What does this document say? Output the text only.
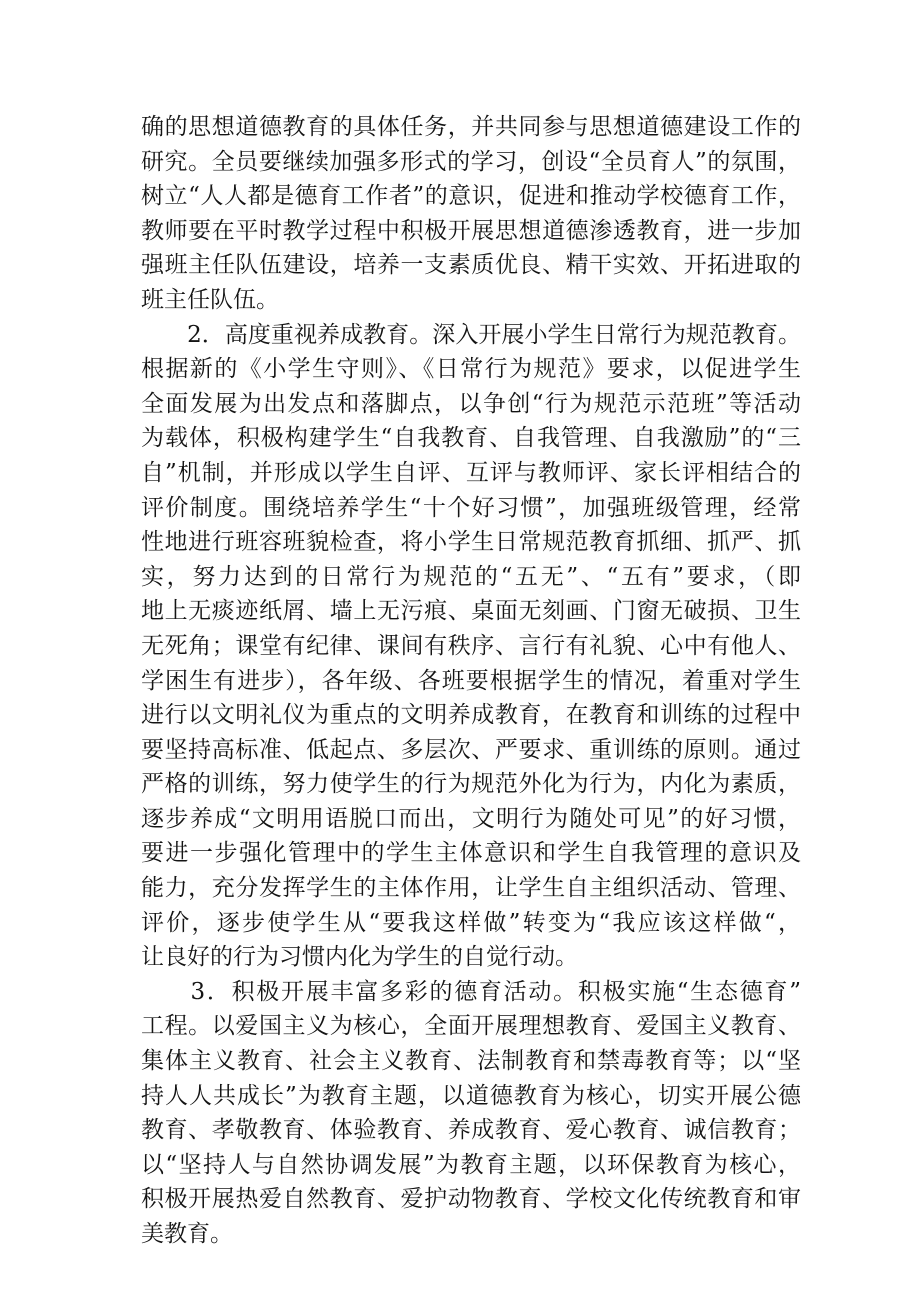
确的思想道德教育的具体任务，并共同参与思想道德建设工作的
研究。全员要继续加强多形式的学习，创设“全员育人”的氛围，
树立“人人都是德育工作者”的意识，促进和推动学校德育工作，
教师要在平时教学过程中积极开展思想道德渗透教育，进一步加
强班主任队伍建设，培养一支素质优良、精干实效、开拓进取的
班主任队伍。
　　2．高度重视养成教育。深入开展小学生日常行为规范教育。
根据新的《小学生守则》、《日常行为规范》要求，以促进学生
全面发展为出发点和落脚点，以争创“行为规范示范班”等活动
为载体，积极构建学生“自我教育、自我管理、自我激励”的“三
自”机制，并形成以学生自评、互评与教师评、家长评相结合的
评价制度。围绕培养学生“十个好习惯”，加强班级管理，经常
性地进行班容班貌检查，将小学生日常规范教育抓细、抓严、抓
实，努力达到的日常行为规范的“五无”、“五有”要求，（即
地上无痰迹纸屑、墙上无污痕、桌面无刻画、门窗无破损、卫生
无死角；课堂有纪律、课间有秩序、言行有礼貌、心中有他人、
学困生有进步），各年级、各班要根据学生的情况，着重对学生
进行以文明礼仪为重点的文明养成教育，在教育和训练的过程中
要坚持高标准、低起点、多层次、严要求、重训练的原则。通过
严格的训练，努力使学生的行为规范外化为行为，内化为素质，
逐步养成“文明用语脱口而出，文明行为随处可见”的好习惯，
要进一步强化管理中的学生主体意识和学生自我管理的意识及
能力，充分发挥学生的主体作用，让学生自主组织活动、管理、
评价，逐步使学生从“要我这样做”转变为“我应该这样做“，
让良好的行为习惯内化为学生的自觉行动。
　　3．积极开展丰富多彩的德育活动。积极实施“生态德育”
工程。以爱国主义为核心，全面开展理想教育、爱国主义教育、
集体主义教育、社会主义教育、法制教育和禁毒教育等；以“坚
持人人共成长”为教育主题，以道德教育为核心，切实开展公德
教育、孝敬教育、体验教育、养成教育、爱心教育、诚信教育；
以“坚持人与自然协调发展”为教育主题，以环保教育为核心，
积极开展热爱自然教育、爱护动物教育、学校文化传统教育和审
美教育。
